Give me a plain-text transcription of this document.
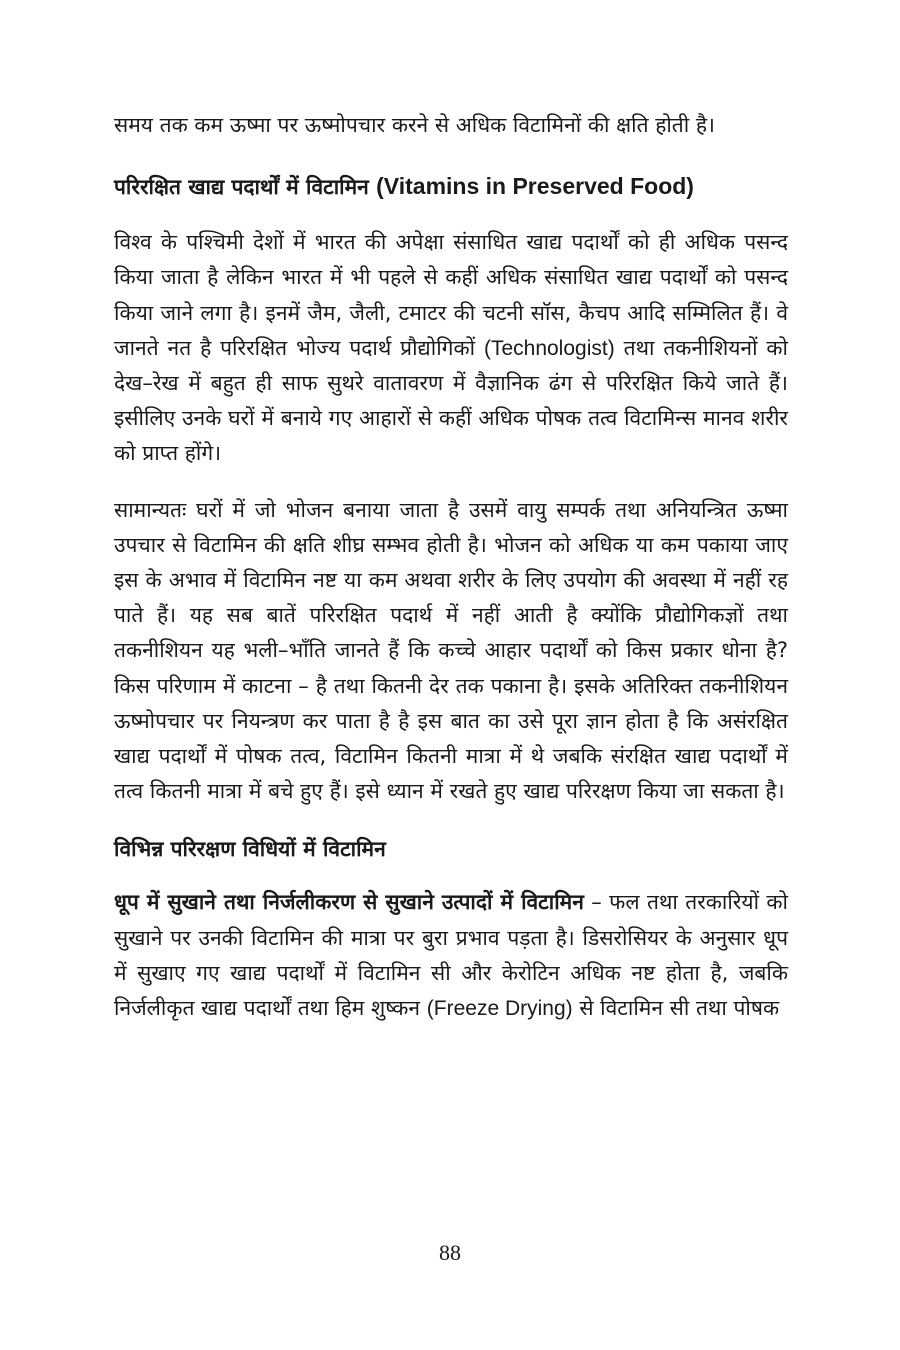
समय तक कम ऊष्मा पर ऊष्मोपचार करने से अधिक विटामिनों की क्षति होती है।

परिरक्षित खाद्य पदार्थों में विटामिन (Vitamins in Preserved Food)

विश्व के पश्चिमी देशों में भारत की अपेक्षा संसाधित खाद्य पदार्थों को ही अधिक पसन्द किया जाता है लेकिन भारत में भी पहले से कहीं अधिक संसाधित खाद्य पदार्थों को पसन्द किया जाने लगा है। इनमें जैम, जैली, टमाटर की चटनी सॉस, कैचप आदि सम्मिलित हैं। वे जानते नत है परिरक्षित भोज्य पदार्थ प्रौद्योगिकों (Technologist) तथा तकनीशियनों को देख–रेख में बहुत ही साफ सुथरे वातावरण में वैज्ञानिक ढंग से परिरक्षित किये जाते हैं। इसीलिए उनके घरों में बनाये गए आहारों से कहीं अधिक पोषक तत्व विटामिन्स मानव शरीर को प्राप्त होंगे।

सामान्यतः घरों में जो भोजन बनाया जाता है उसमें वायु सम्पर्क तथा अनियन्त्रित ऊष्मा उपचार से विटामिन की क्षति शीघ्र सम्भव होती है। भोजन को अधिक या कम पकाया जाए इस के अभाव में विटामिन नष्ट या कम अथवा शरीर के लिए उपयोग की अवस्था में नहीं रह पाते हैं। यह सब बातें परिरक्षित पदार्थ में नहीं आती है क्योंकि प्रौद्योगिकज्ञों तथा तकनीशियन यह भली–भाँति जानते हैं कि कच्चे आहार पदार्थों को किस प्रकार धोना है? किस परिणाम में काटना – है तथा कितनी देर तक पकाना है। इसके अतिरिक्त तकनीशियन ऊष्मोपचार पर नियन्त्रण कर पाता है है इस बात का उसे पूरा ज्ञान होता है कि असंरक्षित खाद्य पदार्थों में पोषक तत्व, विटामिन कितनी मात्रा में थे जबकि संरक्षित खाद्य पदार्थों में तत्व कितनी मात्रा में बचे हुए हैं। इसे ध्यान में रखते हुए खाद्य परिरक्षण किया जा सकता है।

विभिन्न परिरक्षण विधियों में विटामिन

धूप में सुखाने तथा निर्जलीकरण से सुखाने उत्पादों में विटामिन – फल तथा तरकारियों को सुखाने पर उनकी विटामिन की मात्रा पर बुरा प्रभाव पड़ता है। डिसरोसियर के अनुसार धूप में सुखाए गए खाद्य पदार्थों में विटामिन सी और केरोटिन अधिक नष्ट होता है, जबकि निर्जलीकृत खाद्य पदार्थों तथा हिम शुष्कन (Freeze Drying) से विटामिन सी तथा पोषक

88
